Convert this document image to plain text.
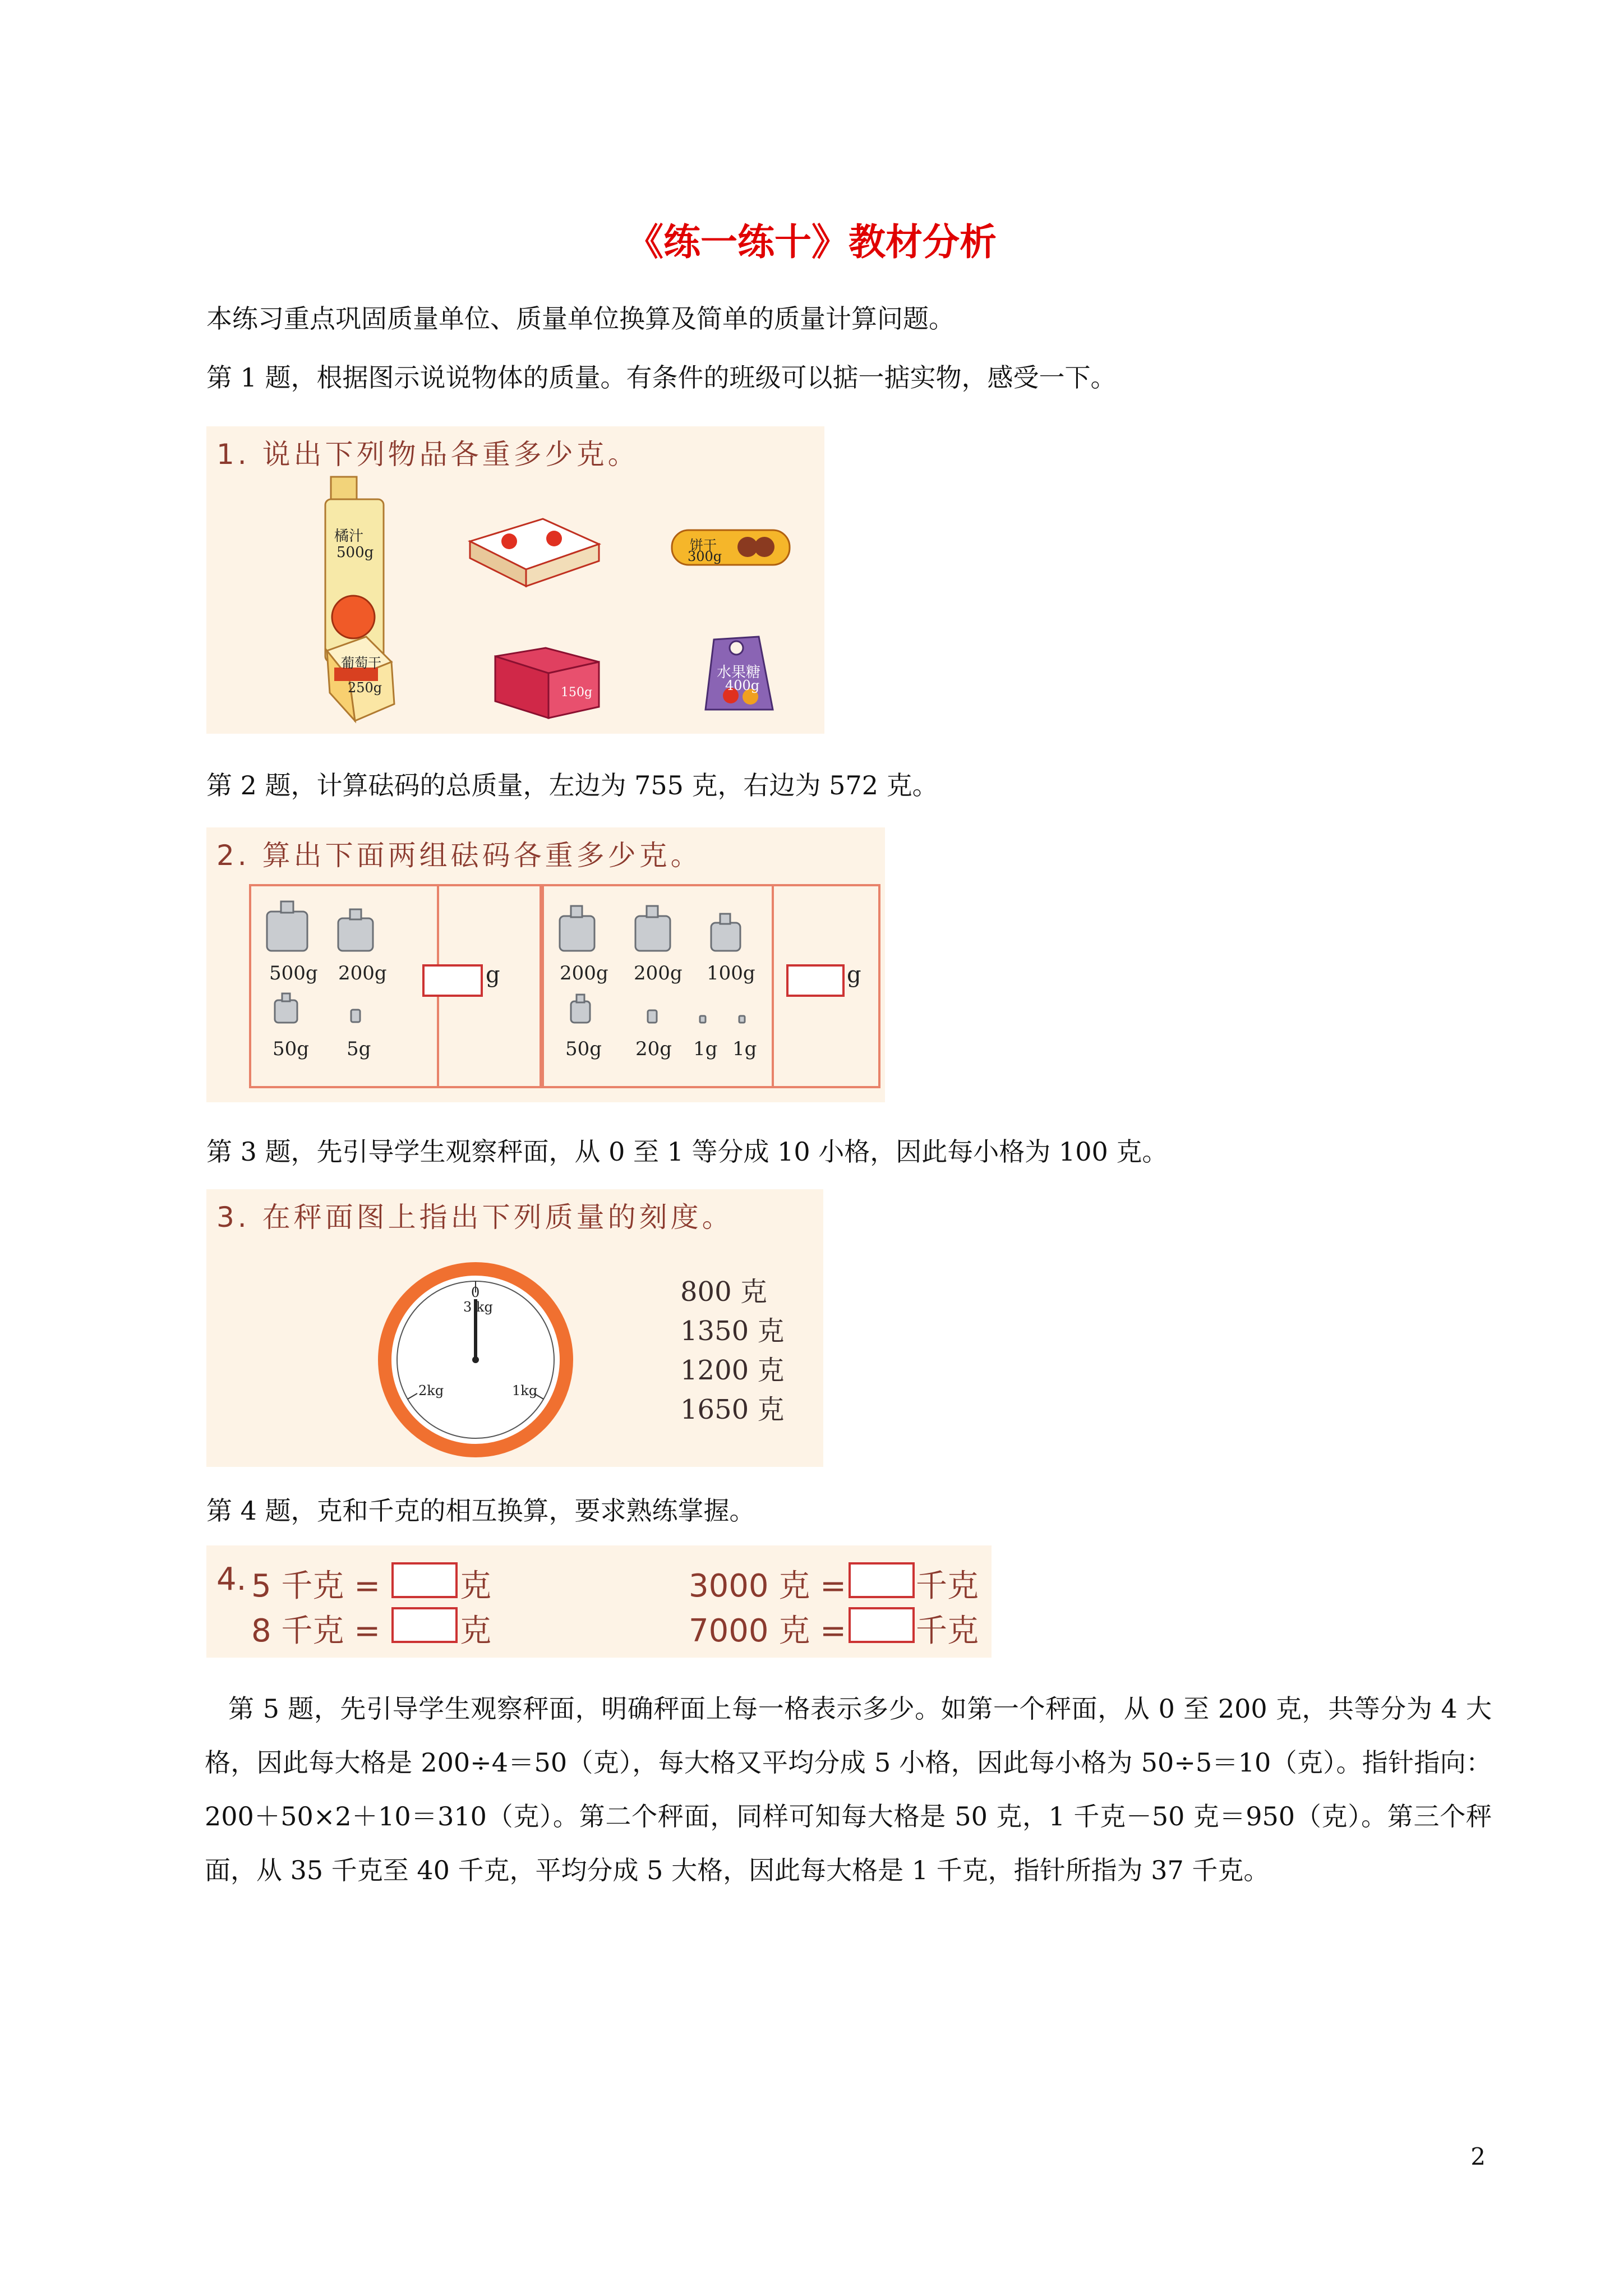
《练一练十》教材分析
本练习重点巩固质量单位、质量单位换算及简单的质量计算问题。
第 1 题，根据图示说说物体的质量。有条件的班级可以掂一掂实物，感受一下。
1. 说出下列物品各重多少克。
橘汁
500g	饼干
300g
葡萄干
250g	150g
水果糖
400g
第 2 题，计算砝码的总质量，左边为 755 克，右边为 572 克。
2. 算出下面两组砝码各重多少克。
500g 200g
50g 5g
g	200g 200g 100g
50g 20g 1g 1g
g
第 3 题，先引导学生观察秤面，从 0 至 1 等分成 10 小格，因此每小格为 100 克。
3. 在秤面图上指出下列质量的刻度。
0
3 kg
2kg	1kg
800 克
1350 克
1200 克
1650 克
第 4 题，克和千克的相互换算，要求熟练掌握。
4. 5 千克 =	克	3000 克 = 千克
8 千克 =	克	7000 克 = 千克
第 5 题，先引导学生观察秤面，明确秤面上每一格表示多少。如第一个秤面，从 0 至 200 克，共等分为 4 大格，因此每大格是 200÷4＝50（克），每大格又平均分成 5 小格，因此每小格为 50÷5＝10（克）。指针指向：200＋50×2＋10＝310（克）。第二个秤面，同样可知每大格是 50 克，1 千克－50 克＝950（克）。第三个秤面，从 35 千克至 40 千克，平均分成 5 大格，因此每大格是 1 千克，指针所指为 37 千克。
2
